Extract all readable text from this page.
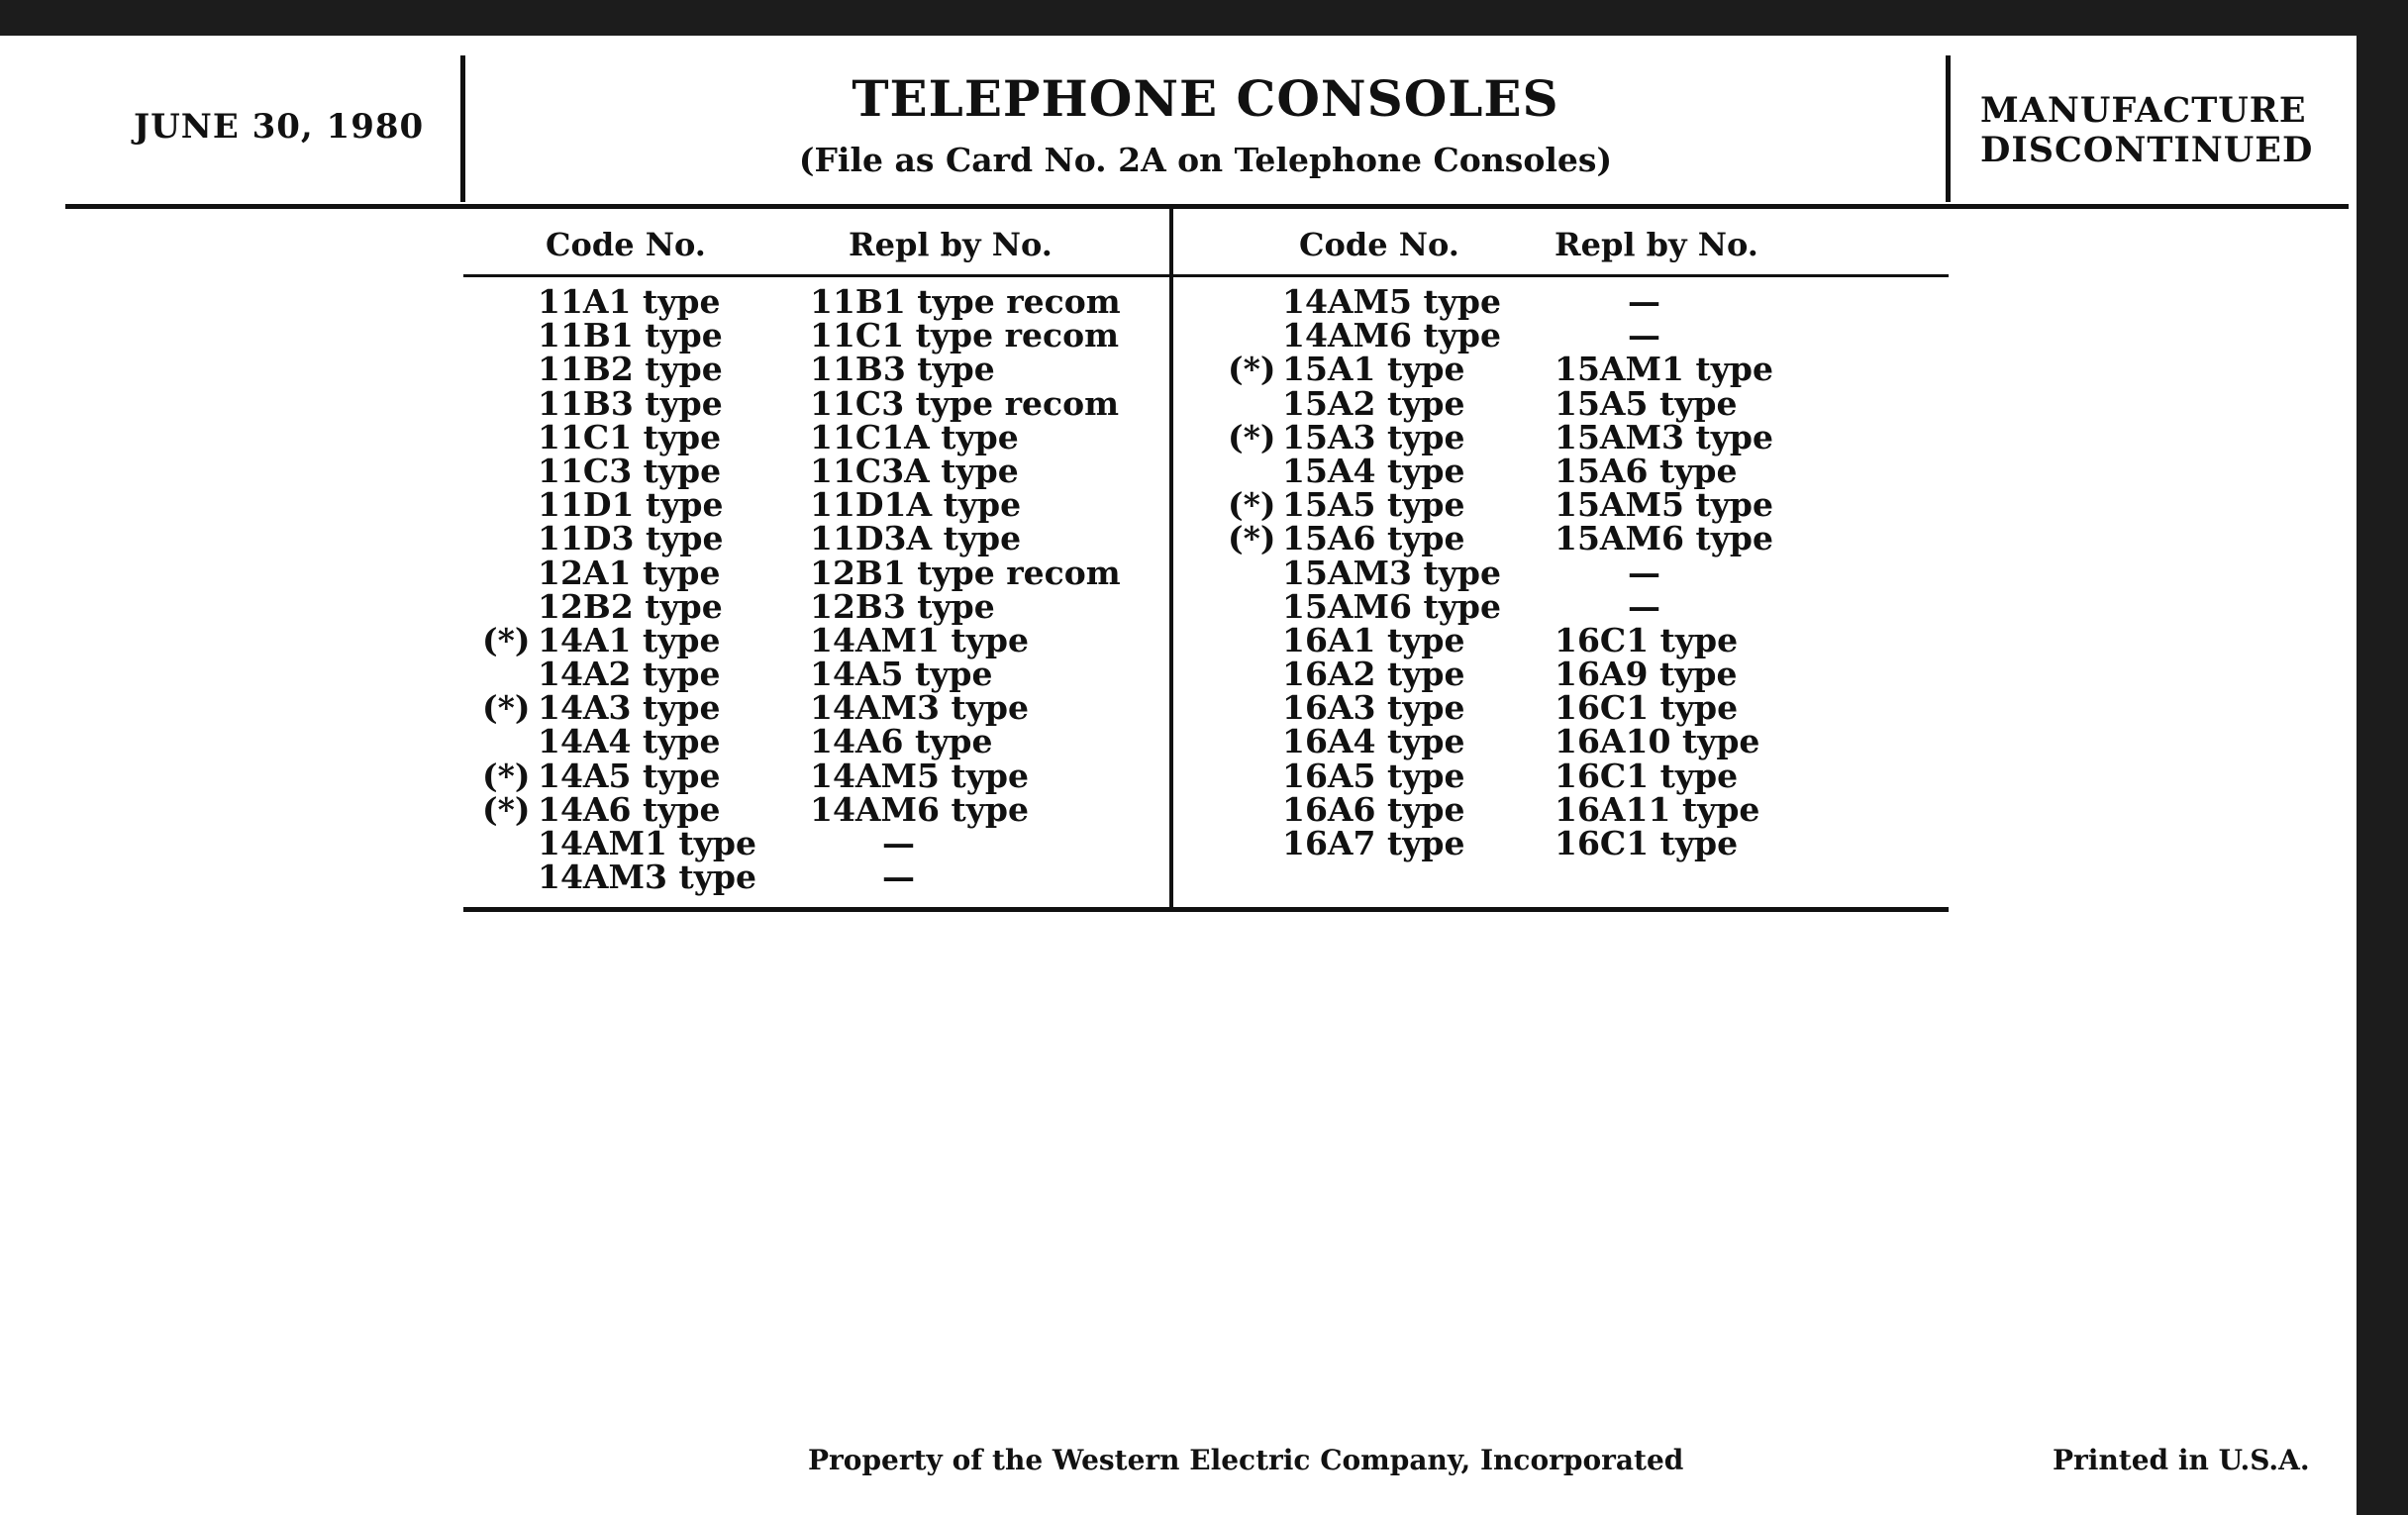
JUNE 30, 1980	TELEPHONE CONSOLES
(File as Card No. 2A on Telephone Consoles)
MANUFACTURE
DISCONTINUED
Code No.	Repl by No.	Code No.	Repl by No.
11A1 type	11B1 type recom
11B1 type	11C1 type recom
11B2 type	11B3 type
11B3 type	11C3 type recom
11C1 type	11C1A type
11C3 type	11C3A type
11D1 type	11D1A type
11D3 type	11D3A type
12A1 type	12B1 type recom
12B2 type	12B3 type
(*) 14A1 type	14AM1 type
14A2 type	14A5 type
(*) 14A3 type	14AM3 type
14A4 type	14A6 type
(*) 14A5 type	14AM5 type
(*) 14A6 type	14AM6 type
14AM1 type	—
14AM3 type	—
14AM5 type	—
14AM6 type	—
(*) 15A1 type	15AM1 type
15A2 type	15A5 type
(*) 15A3 type	15AM3 type
15A4 type	15A6 type
(*) 15A5 type	15AM5 type
(*) 15A6 type	15AM6 type
15AM3 type	—
15AM6 type	—
16A1 type	16C1 type
16A2 type	16A9 type
16A3 type	16C1 type
16A4 type	16A10 type
16A5 type	16C1 type
16A6 type	16A11 type
16A7 type	16C1 type
Property of the Western Electric Company, Incorporated	Printed in U.S.A.
